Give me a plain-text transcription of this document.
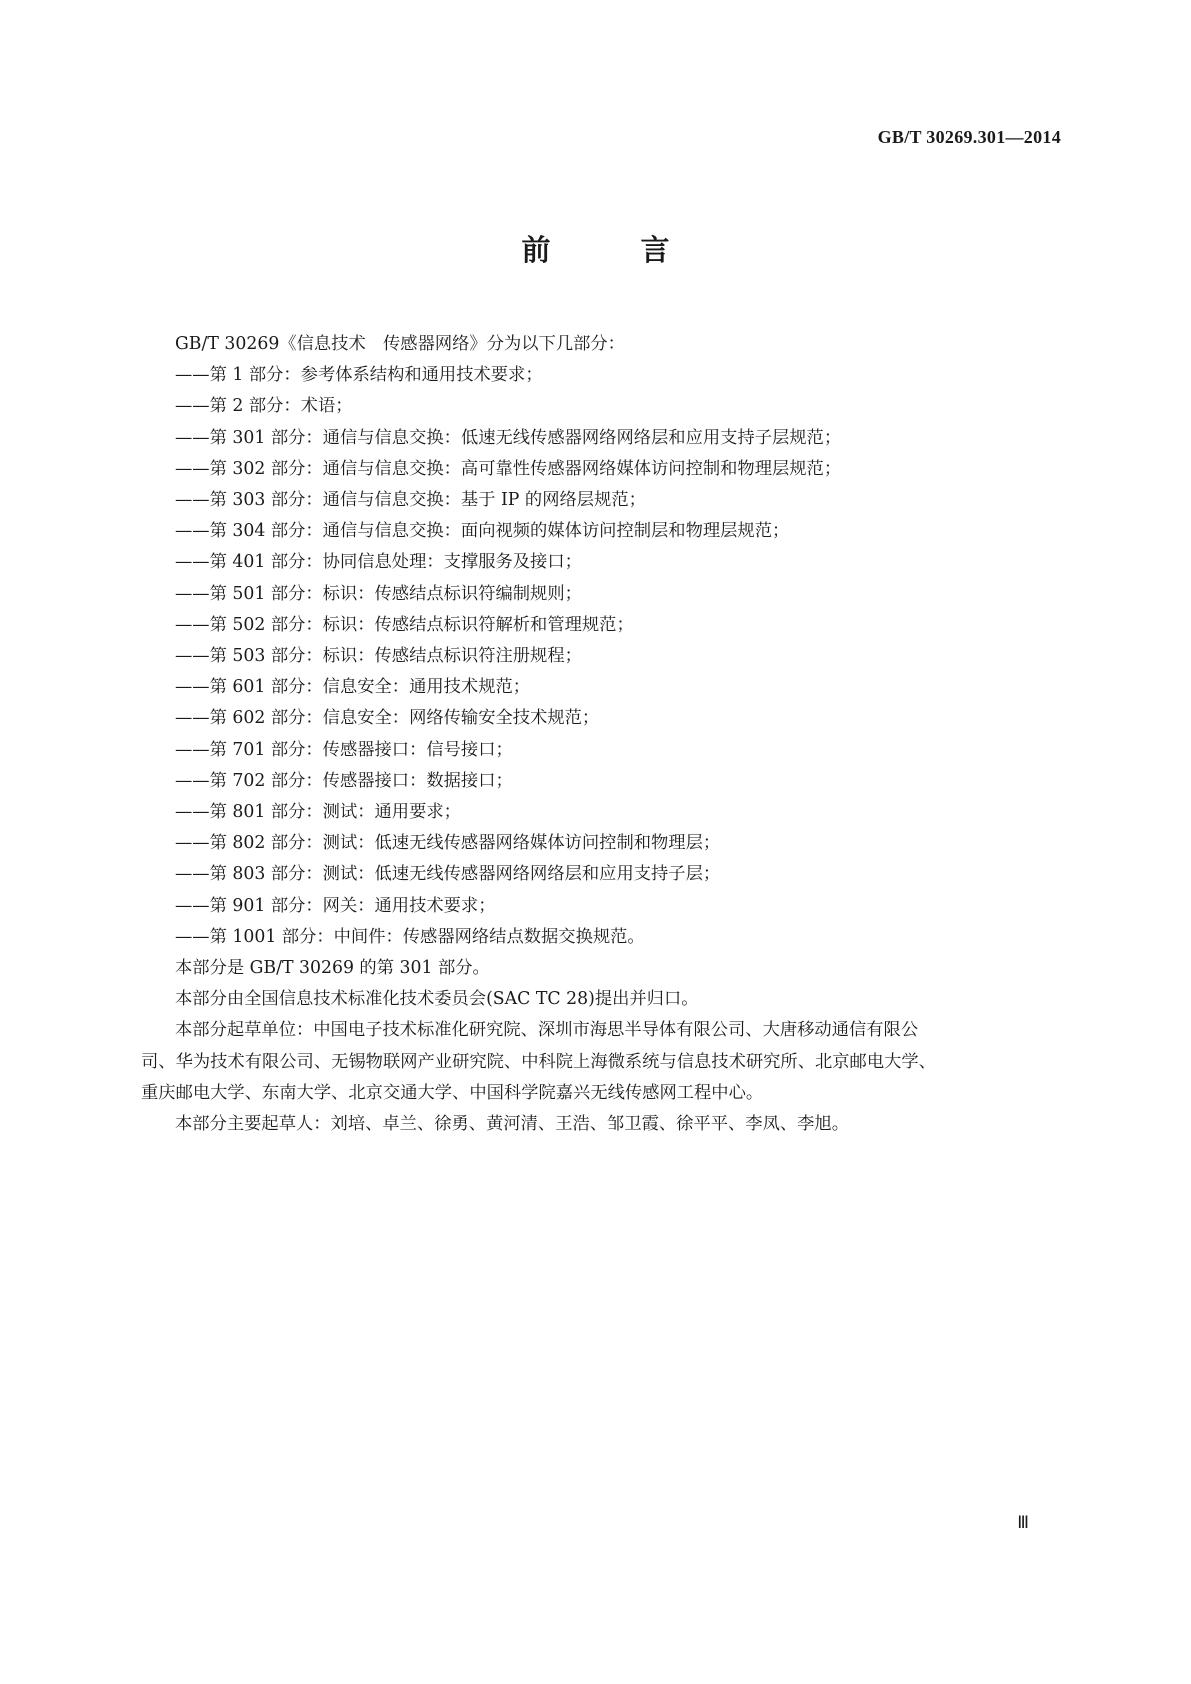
GB/T 30269.301—2014
前 言

GB/T 30269《信息技术　传感器网络》分为以下几部分：

——第 1 部分：参考体系结构和通用技术要求；

——第 2 部分：术语；

——第 301 部分：通信与信息交换：低速无线传感器网络网络层和应用支持子层规范；

——第 302 部分：通信与信息交换：高可靠性传感器网络媒体访问控制和物理层规范；

——第 303 部分：通信与信息交换：基于 IP 的网络层规范；

——第 304 部分：通信与信息交换：面向视频的媒体访问控制层和物理层规范；

——第 401 部分：协同信息处理：支撑服务及接口；

——第 501 部分：标识：传感结点标识符编制规则；

——第 502 部分：标识：传感结点标识符解析和管理规范；

——第 503 部分：标识：传感结点标识符注册规程；

——第 601 部分：信息安全：通用技术规范；

——第 602 部分：信息安全：网络传输安全技术规范；

——第 701 部分：传感器接口：信号接口；

——第 702 部分：传感器接口：数据接口；

——第 801 部分：测试：通用要求；

——第 802 部分：测试：低速无线传感器网络媒体访问控制和物理层；

——第 803 部分：测试：低速无线传感器网络网络层和应用支持子层；

——第 901 部分：网关：通用技术要求；

——第 1001 部分：中间件：传感器网络结点数据交换规范。

本部分是 GB/T 30269 的第 301 部分。

本部分由全国信息技术标准化技术委员会(SAC TC 28)提出并归口。

本部分起草单位：中国电子技术标准化研究院、深圳市海思半导体有限公司、大唐移动通信有限公
司、华为技术有限公司、无锡物联网产业研究院、中科院上海微系统与信息技术研究所、北京邮电大学、
重庆邮电大学、东南大学、北京交通大学、中国科学院嘉兴无线传感网工程中心。

本部分主要起草人：刘培、卓兰、徐勇、黄河清、王浩、邹卫霞、徐平平、李凤、李旭。

Ⅲ
